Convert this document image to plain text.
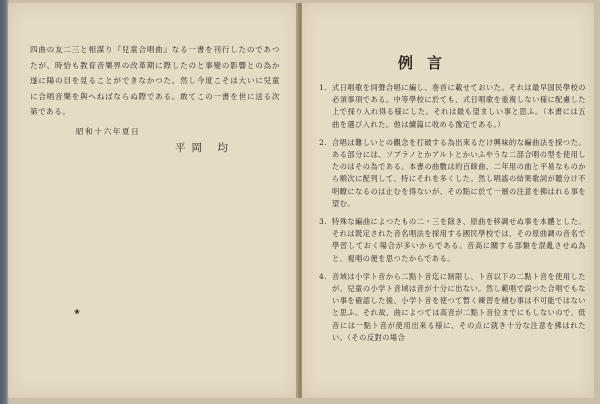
四曲の友二三と相謀り『兒童合唱曲』なる一書を刊行したのであつたが、時恰も教育音樂界の改革期に際したのと事變の影響との為か遂に陽の目を見ることができなかつた。然し今度こそは大いに兒童に合唱音樂を與へねばならぬ際である。敢てこの一書を世に送る次第である。

昭和十六年夏日
平岡 均
❀
例言
1. 式日唱歌を同聲合唱に編し、巻首に載せておいた。それは最早国民學校の必須事項である。中等學校に於ても、式日唱歌を重複しない様に配慮した上で採り入れ得る様にした。それは最も望ましい事と思ふ。（本書には五曲を選び入れた。他は續篇に收める豫定である。）
2. 合唱は難しいとの觀念を打破する為出來るだけ興味的な編曲法を採つた。ある部分には、ソプラノとかアルトとかいふやうな二部合唱の型を使用したのはその為である。本書の曲數は約百餘曲、二年用の曲と平易なものから順次に配列して、特にそれを多くした。然し唱謠の結果歌詞が聴分け不明瞭になるのは止むを得ないが、その點に於て一層の注意を拂はれる事を望む。
3. 特殊な編曲によつたもの二・三を除き、原曲を移調せぬ事を本體とした。それは既定された音名唱法を採用する國民學校では、その原曲調の音名で學習しておく場合が多いからである。音高に關する部類を混亂させぬ為と、視唱の便を思つたからである。
4. 音域は小学ト音から二點ト音迄に制限し、ト音以下の二點ト音を使用したが、兒童の小学ト音域は音が十分に出ない。然し範唱で誤つた合唱でもない事を確認した後、小学ト音を使つて暫く練習を積む事は不可能ではないと思ふ。それ故、曲によつては高音が二點ト音位までにもしないので、低音には一點ト音が使用出來る様に、その点に就き十分な注意を拂はれたい。（その反對の場合
